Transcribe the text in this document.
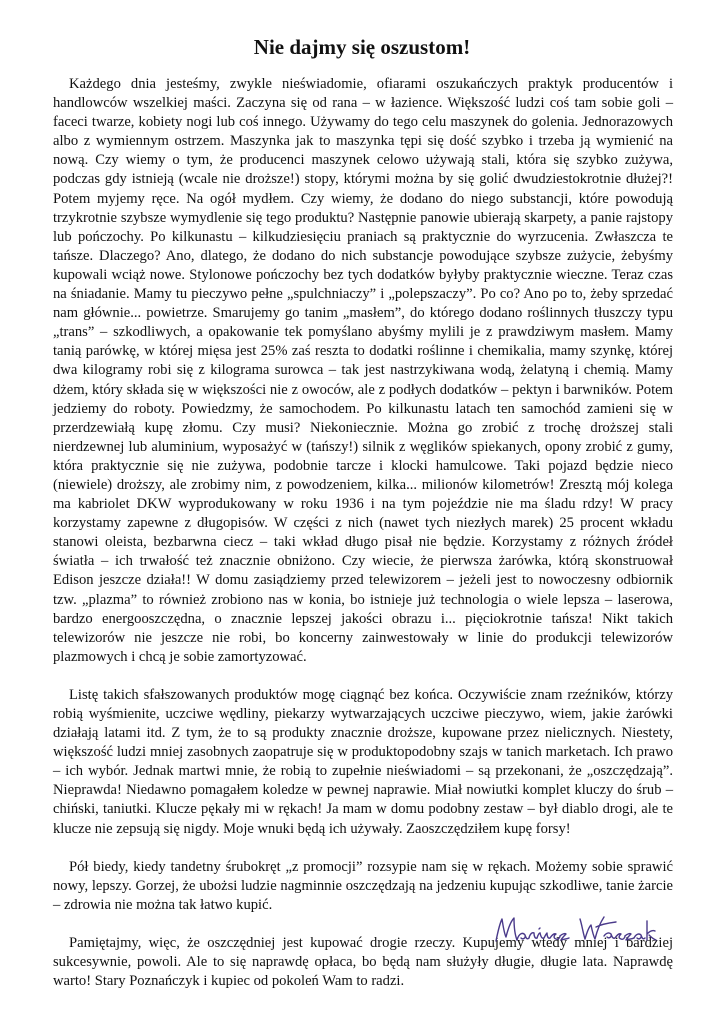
Nie dajmy się oszustom!

Każdego dnia jesteśmy, zwykle nieświadomie, ofiarami oszukańczych praktyk producentów i handlowców wszelkiej maści. Zaczyna się od rana – w łazience. Większość ludzi coś tam sobie goli – faceci twarze, kobiety nogi lub coś innego. Używamy do tego celu maszynek do golenia. Jednorazowych albo z wymiennym ostrzem. Maszynka jak to maszynka tępi się dość szybko i trzeba ją wymienić na nową. Czy wiemy o tym, że producenci maszynek celowo używają stali, która się szybko zużywa, podczas gdy istnieją (wcale nie droższe!) stopy, którymi można by się golić dwudziestokrotnie dłużej?! Potem myjemy ręce. Na ogół mydłem. Czy wiemy, że dodano do niego substancji, które powodują trzykrotnie szybsze wymydlenie się tego produktu? Następnie panowie ubierają skarpety, a panie rajstopy lub pończochy. Po kilkunastu – kilkudziesięciu praniach są praktycznie do wyrzucenia. Zwłaszcza te tańsze. Dlaczego? Ano, dlatego, że dodano do nich substancje powodujące szybsze zużycie, żebyśmy kupowali wciąż nowe. Stylonowe pończochy bez tych dodatków byłyby praktycznie wieczne. Teraz czas na śniadanie. Mamy tu pieczywo pełne „spulchniaczy” i „polepszaczy”. Po co? Ano po to, żeby sprzedać nam głównie... powietrze. Smarujemy go tanim „masłem”, do którego dodano roślinnych tłuszczy typu „trans” – szkodliwych, a opakowanie tek pomyślano abyśmy mylili je z prawdziwym masłem. Mamy tanią parówkę, w której mięsa jest 25% zaś reszta to dodatki roślinne i chemikalia, mamy szynkę, której dwa kilogramy robi się z kilograma surowca – tak jest nastrzykiwana wodą, żelatyną i chemią. Mamy dżem, który składa się w większości nie z owoców, ale z podłych dodatków – pektyn i barwników. Potem jedziemy do roboty. Powiedzmy, że samochodem. Po kilkunastu latach ten samochód zamieni się w przerdzewiałą kupę złomu. Czy musi? Niekoniecznie. Można go zrobić z trochę droższej stali nierdzewnej lub aluminium, wyposażyć w (tańszy!) silnik z węglików spiekanych, opony zrobić z gumy, która praktycznie się nie zużywa, podobnie tarcze i klocki hamulcowe. Taki pojazd będzie nieco (niewiele) droższy, ale zrobimy nim, z powodzeniem, kilka... milionów kilometrów! Zresztą mój kolega ma kabriolet DKW wyprodukowany w roku 1936 i na tym pojeździe nie ma śladu rdzy! W pracy korzystamy zapewne z długopisów. W części z nich (nawet tych niezłych marek) 25 procent wkładu stanowi oleista, bezbarwna ciecz – taki wkład długo pisał nie będzie. Korzystamy z różnych źródeł światła – ich trwałość też znacznie obniżono. Czy wiecie, że pierwsza żarówka, którą skonstruował Edison jeszcze działa!! W domu zasiądziemy przed telewizorem – jeżeli jest to nowoczesny odbiornik tzw. „plazma” to również zrobiono nas w konia, bo istnieje już technologia o wiele lepsza – laserowa, bardzo energooszczędna, o znacznie lepszej jakości obrazu i... pięciokrotnie tańsza! Nikt takich telewizorów nie jeszcze nie robi, bo koncerny zainwestowały w linie do produkcji telewizorów plazmowych i chcą je sobie zamortyzować.

Listę takich sfałszowanych produktów mogę ciągnąć bez końca. Oczywiście znam rzeźników, którzy robią wyśmienite, uczciwe wędliny, piekarzy wytwarzających uczciwe pieczywo, wiem, jakie żarówki działają latami itd. Z tym, że to są produkty znacznie droższe, kupowane przez nielicznych. Niestety, większość ludzi mniej zasobnych zaopatruje się w produktopodobny szajs w tanich marketach. Ich prawo – ich wybór. Jednak martwi mnie, że robią to zupełnie nieświadomi – są przekonani, że „oszczędzają”. Nieprawda! Niedawno pomagałem koledze w pewnej naprawie. Miał nowiutki komplet kluczy do śrub – chiński, taniutki. Klucze pękały mi w rękach! Ja mam w domu podobny zestaw – był diablo drogi, ale te klucze nie zepsują się nigdy. Moje wnuki będą ich używały. Zaoszczędziłem kupę forsy!

Pół biedy, kiedy tandetny śrubokręt „z promocji” rozsypie nam się w rękach. Możemy sobie sprawić nowy, lepszy. Gorzej, że ubożsi ludzie nagminnie oszczędzają na jedzeniu kupując szkodliwe, tanie żarcie – zdrowia nie można tak łatwo kupić.

Pamiętajmy, więc, że oszczędniej jest kupować drogie rzeczy. Kupujemy wtedy mniej i bardziej sukcesywnie, powoli. Ale to się naprawdę opłaca, bo będą nam służyły długie, długie lata. Naprawdę warto! Stary Poznańczyk i kupiec od pokoleń Wam to radzi.
